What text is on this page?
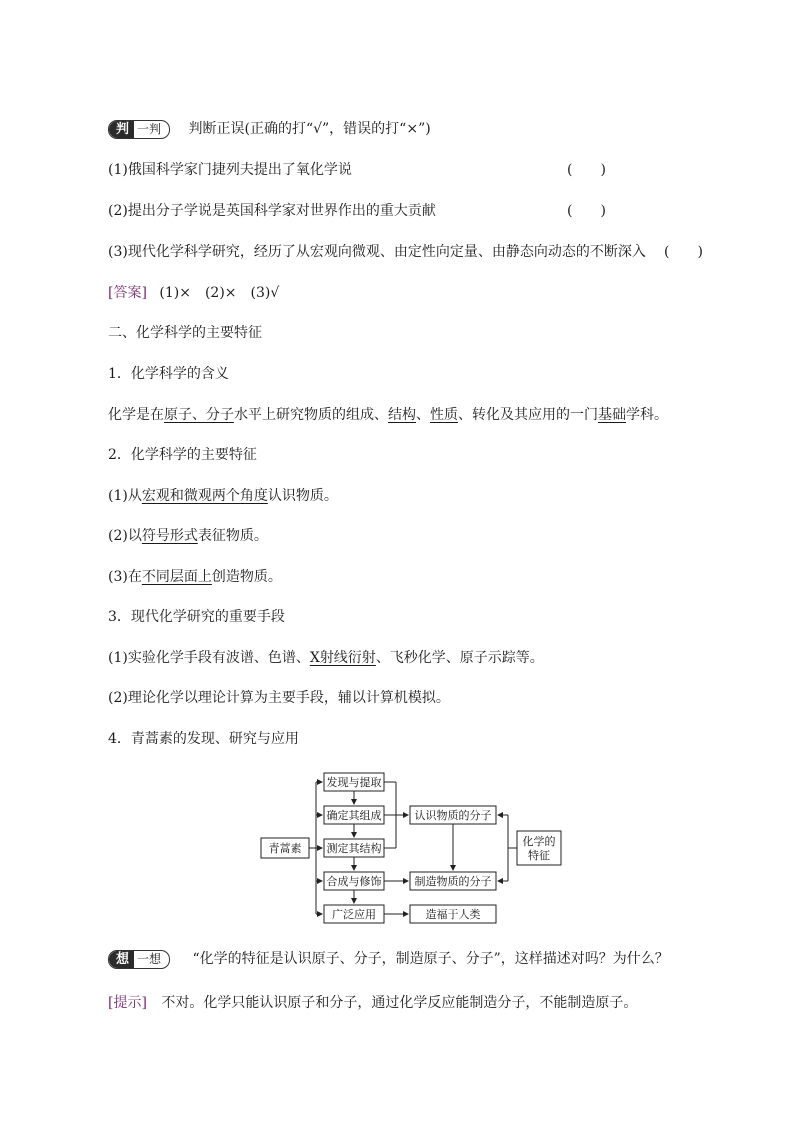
判 一判 判断正误(正确的打“√”，错误的打“×”)
(1)俄国科学家门捷列夫提出了氧化学说	(　　)
(2)提出分子学说是英国科学家对世界作出的重大贡献	(　　)
(3)现代化学科学研究，经历了从宏观向微观、由定性向定量、由静态向动态的不断深入 (　　)
[答案] (1)×　(2)×　(3)√
二、化学科学的主要特征
1．化学科学的含义
化学是在原子、分子水平上研究物质的组成、结构、性质、转化及其应用的一门基础学科。
2．化学科学的主要特征
(1)从宏观和微观两个角度认识物质。
(2)以符号形式表征物质。
(3)在不同层面上创造物质。
3．现代化学研究的重要手段
(1)实验化学手段有波谱、色谱、X射线衍射、飞秒化学、原子示踪等。
(2)理论化学以理论计算为主要手段，辅以计算机模拟。
4．青蒿素的发现、研究与应用
青蒿素
发现与提取
确定其组成
测定其结构
合成与修饰
广泛应用
认识物质的分子
制造物质的分子
造福于人类
化学的
特征
想 一想 “化学的特征是认识原子、分子，制造原子、分子”，这样描述对吗？为什么？
[提示] 不对。化学只能认识原子和分子，通过化学反应能制造分子，不能制造原子。
